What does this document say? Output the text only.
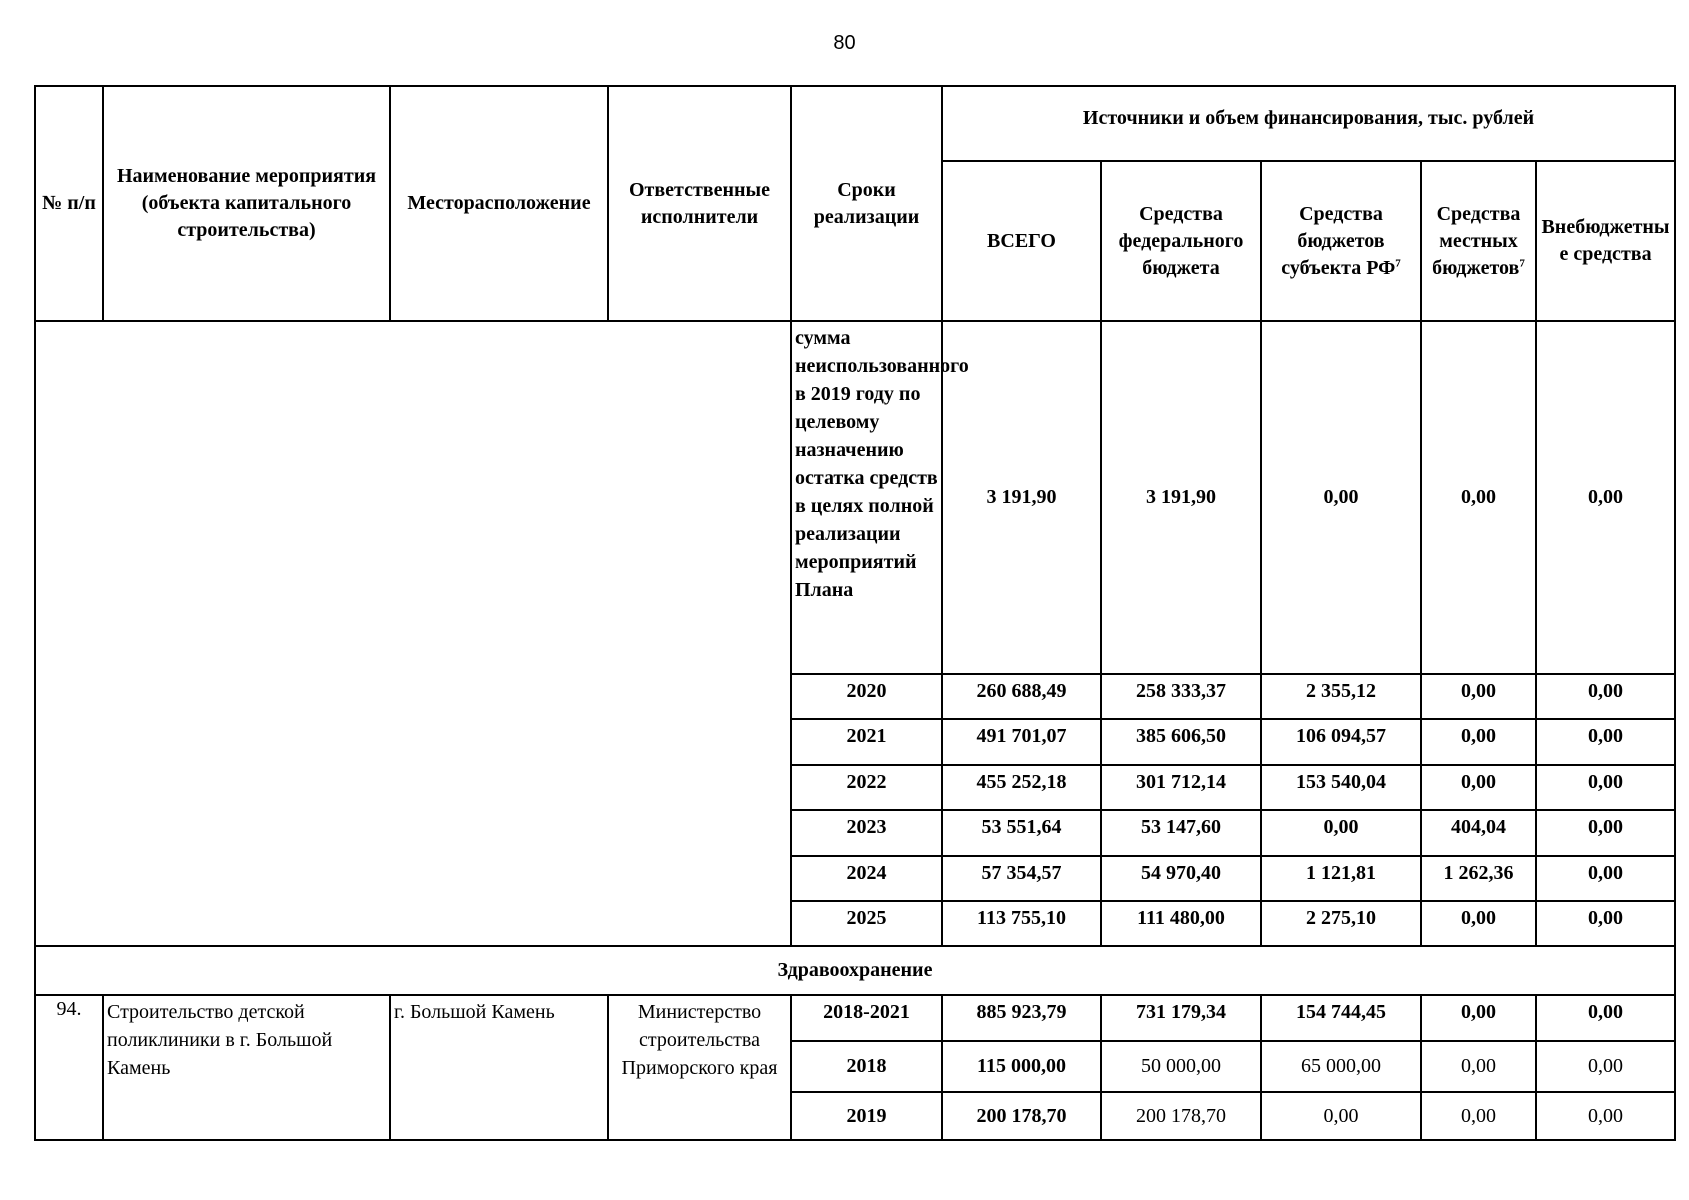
80
№ п/п	Наименование мероприятия (объекта капитального строительства)	Месторасположение	Ответственные исполнители	Сроки реализации	Источники и объем финансирования, тыс. рублей				
					ВСЕГО	Средства федерального бюджета	Средства бюджетов субъекта $РФ^7$	Средства местных бюджетов$^7$	Внебюджетные средства
				сумма неиспользованного в 2019 году по целевому назначению остатка средств в целях полной реализации мероприятий Плана	3 191,90	3 191,90	0,00	0,00	0,00
				2020	260 688,49	258 333,37	2 355,12	0,00	0,00
				2021	491 701,07	385 606,50	106 094,57	0,00	0,00
				2022	455 252,18	301 712,14	153 540,04	0,00	0,00
				2023	53 551,64	53 147,60	0,00	404,04	0,00
				2024	57 354,57	54 970,40	1 121,81	1 262,36	0,00
				2025	113 755,10	111 480,00	2 275,10	0,00	0,00
Здравоохранение									
94.	Строительство детской поликлиники в г. Большой Камень	г. Большой Камень	Министерство строительства Приморского края	2018-2021	885 923,79	731 179,34	154 744,45	0,00	0,00
				2018	115 000,00	50 000,00	65 000,00	0,00	0,00
				2019	200 178,70	200 178,70	0,00	0,00	0,00
